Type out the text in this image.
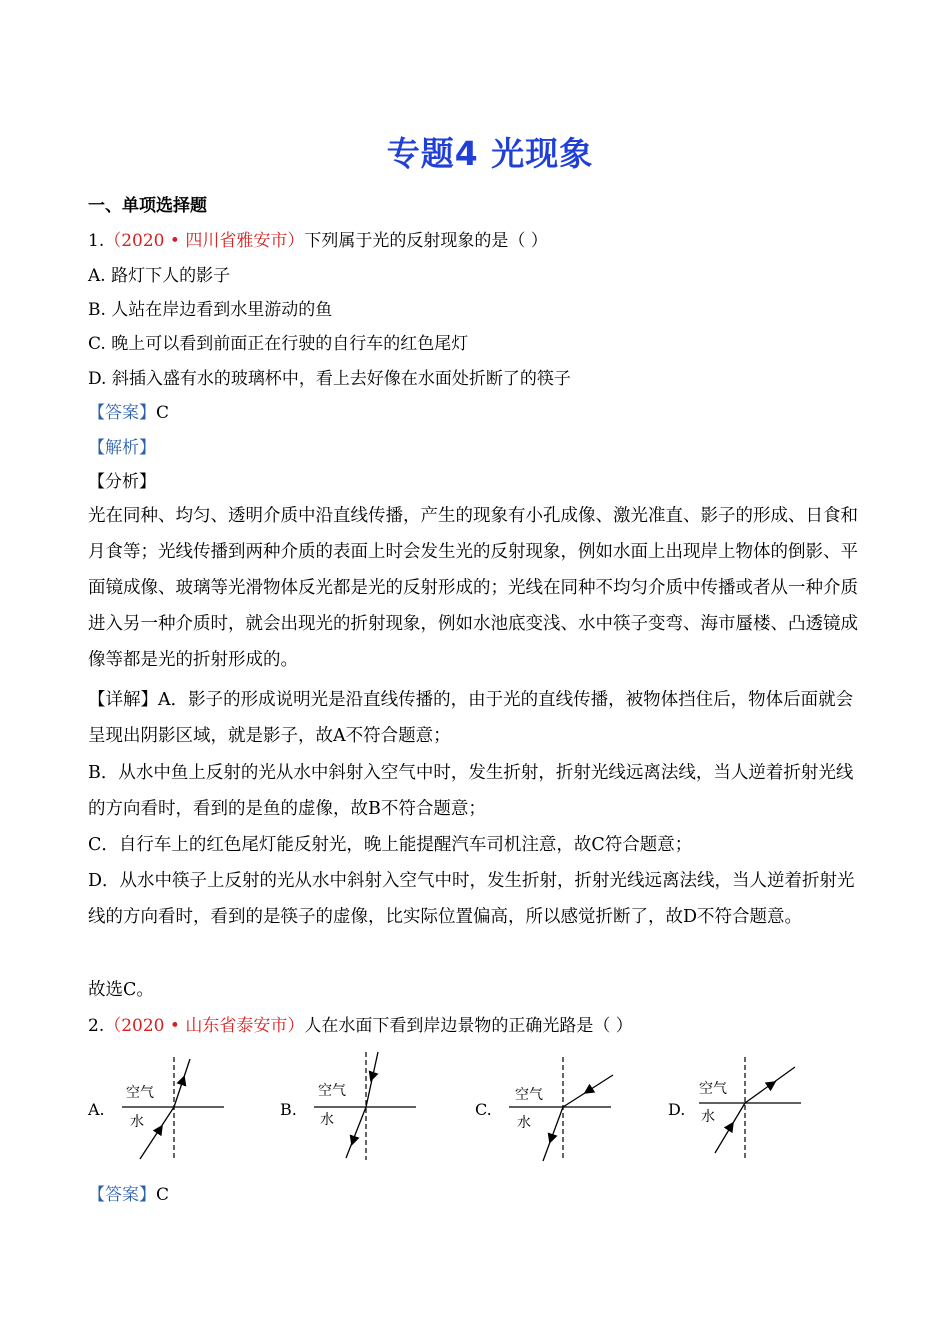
专题4 光现象
一、单项选择题
1.（2020 • 四川省雅安市）下列属于光的反射现象的是（ ）
A. 路灯下人的影子
B. 人站在岸边看到水里游动的鱼
C. 晚上可以看到前面正在行驶的自行车的红色尾灯
D. 斜插入盛有水的玻璃杯中，看上去好像在水面处折断了的筷子
【答案】C
【解析】
【分析】
光在同种、均匀、透明介质中沿直线传播，产生的现象有小孔成像、激光准直、影子的形成、日食和月食等；光线传播到两种介质的表面上时会发生光的反射现象，例如水面上出现岸上物体的倒影、平面镜成像、玻璃等光滑物体反光都是光的反射形成的；光线在同种不均匀介质中传播或者从一种介质进入另一种介质时，就会出现光的折射现象，例如水池底变浅、水中筷子变弯、海市蜃楼、凸透镜成像等都是光的折射形成的。
【详解】A．影子的形成说明光是沿直线传播的，由于光的直线传播，被物体挡住后，物体后面就会呈现出阴影区域，就是影子，故A不符合题意；
B．从水中鱼上反射的光从水中斜射入空气中时，发生折射，折射光线远离法线，当人逆着折射光线的方向看时，看到的是鱼的虚像，故B不符合题意；
C．自行车上的红色尾灯能反射光，晚上能提醒汽车司机注意，故C符合题意；
D．从水中筷子上反射的光从水中斜射入空气中时，发生折射，折射光线远离法线，当人逆着折射光线的方向看时，看到的是筷子的虚像，比实际位置偏高，所以感觉折断了，故D不符合题意。
故选C。
2.（2020 • 山东省泰安市）人在水面下看到岸边景物的正确光路是（ ）
A.
空气
水
B.
空气
水
C.
空气
水
D.
空气
水
【答案】C
